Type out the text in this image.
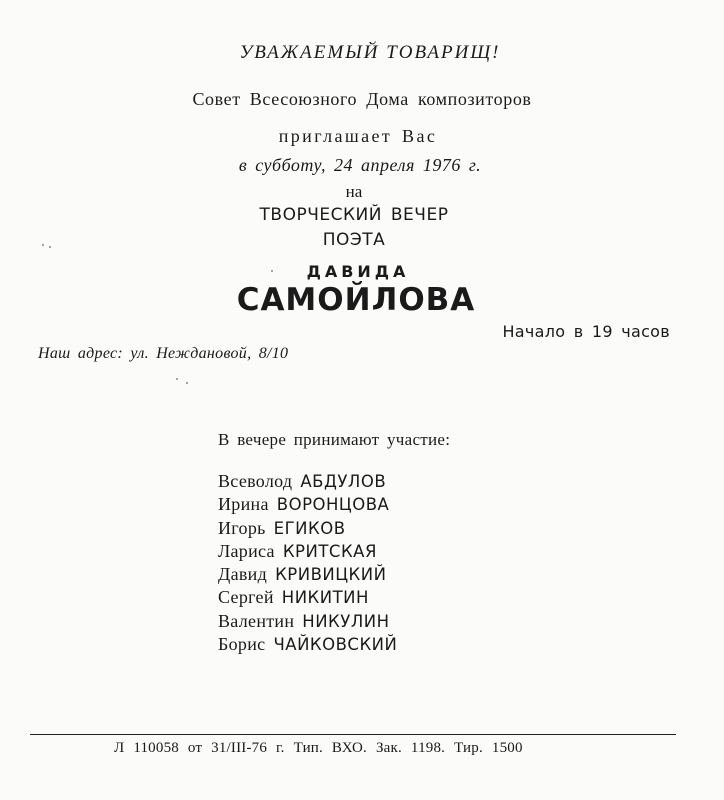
УВАЖАЕМЫЙ ТОВАРИЩ!
Совет Всесоюзного Дома композиторов
приглашает Вас
в субботу, 24 апреля 1976 г.
на
ТВОРЧЕСКИЙ ВЕЧЕР
ПОЭТА
ДАВИДА
САМОЙЛОВА
Начало в 19 часов
Наш адрес: ул. Неждановой, 8/10
В вечере принимают участие:
Всеволод АБДУЛОВ
Ирина ВОРОНЦОВА
Игорь ЕГИКОВ
Лариса КРИТСКАЯ
Давид КРИВИЦКИЙ
Сергей НИКИТИН
Валентин НИКУЛИН
Борис ЧАЙКОВСКИЙ
Л 110058 от 31/III-76 г. Тип. ВХО. Зак. 1198. Тир. 1500
